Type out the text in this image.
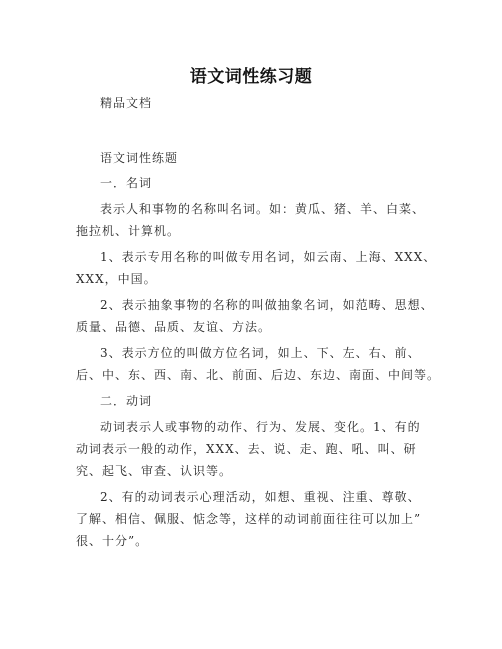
语文词性练习题
精品文档
语文词性练题
一．名词
表示人和事物的名称叫名词。如：黄瓜、猪、羊、白菜、
拖拉机、计算机。
1、表示专用名称的叫做专用名词，如云南、上海、XXX、
XXX，中国。
2、表示抽象事物的名称的叫做抽象名词，如范畴、思想、
质量、品德、品质、友谊、方法。
3、表示方位的叫做方位名词，如上、下、左、右、前、
后、中、东、西、南、北、前面、后边、东边、南面、中间等。
二．动词
动词表示人或事物的动作、行为、发展、变化。1、有的
动词表示一般的动作，XXX、去、说、走、跑、吼、叫、研
究、起飞、审查、认识等。
2、有的动词表示心理活动，如想、重视、注重、尊敬、
了解、相信、佩服、惦念等，这样的动词前面往往可以加上”
很、十分”。
